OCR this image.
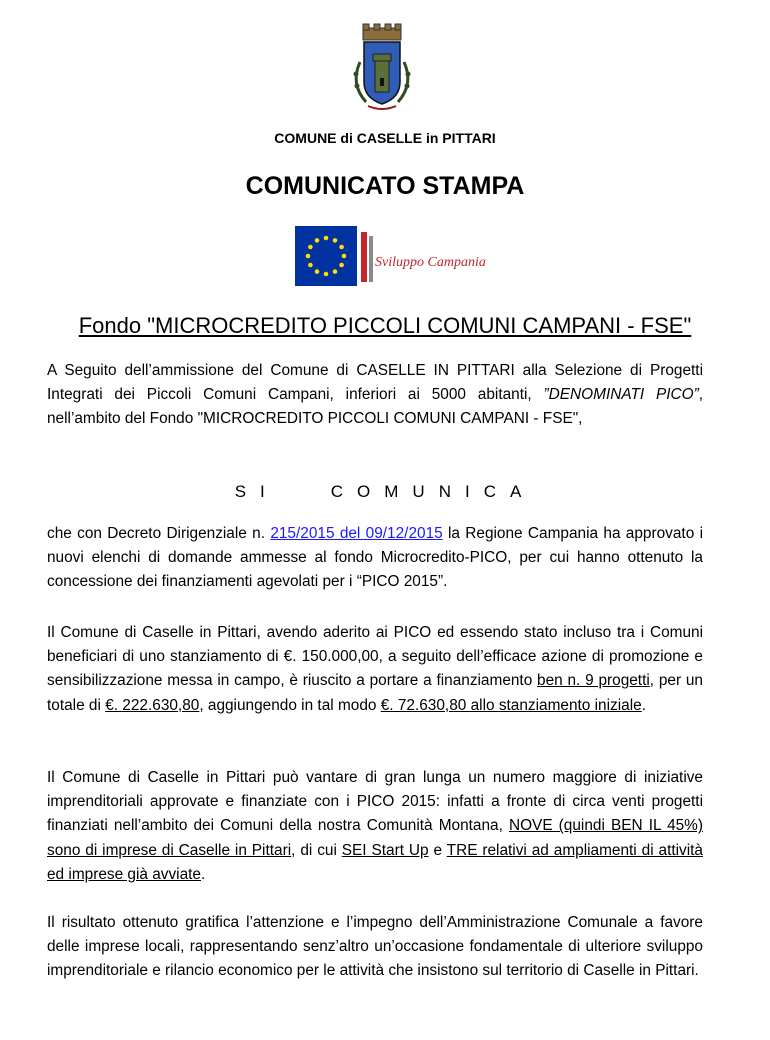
COMUNE di CASELLE in PITTARI
COMUNICATO STAMPA
Sviluppo Campania
Fondo "MICROCREDITO PICCOLI COMUNI CAMPANI - FSE"
A Seguito dell’ammissione del Comune di CASELLE IN PITTARI alla Selezione di Progetti Integrati dei Piccoli Comuni Campani, inferiori ai 5000 abitanti, ”DENOMINATI PICO”, nell’ambito del Fondo "MICROCREDITO PICCOLI COMUNI CAMPANI - FSE",
SI	COMUNICA
che con Decreto Dirigenziale n. 215/2015 del 09/12/2015 la Regione Campania ha approvato i nuovi elenchi di domande ammesse al fondo Microcredito-PICO, per cui hanno ottenuto la concessione dei finanziamenti agevolati per i “PICO 2015”.
Il Comune di Caselle in Pittari, avendo aderito ai PICO ed essendo stato incluso tra i Comuni beneficiari di uno stanziamento di €. 150.000,00, a seguito dell’efficace azione di promozione e sensibilizzazione messa in campo, è riuscito a portare a finanziamento ben n. 9 progetti, per un totale di €. 222.630,80, aggiungendo in tal modo €. 72.630,80 allo stanziamento iniziale.
Il Comune di Caselle in Pittari può vantare di gran lunga un numero maggiore di iniziative imprenditoriali approvate e finanziate con i PICO 2015: infatti a fronte di circa venti progetti finanziati nell’ambito dei Comuni della nostra Comunità Montana, NOVE (quindi BEN IL 45%) sono di imprese di Caselle in Pittari, di cui SEI Start Up e TRE relativi ad ampliamenti di attività ed imprese già avviate.
Il risultato ottenuto gratifica l’attenzione e l’impegno dell’Amministrazione Comunale a favore delle imprese locali, rappresentando senz’altro un’occasione fondamentale di ulteriore sviluppo imprenditoriale e rilancio economico per le attività che insistono sul territorio di Caselle in Pittari.
